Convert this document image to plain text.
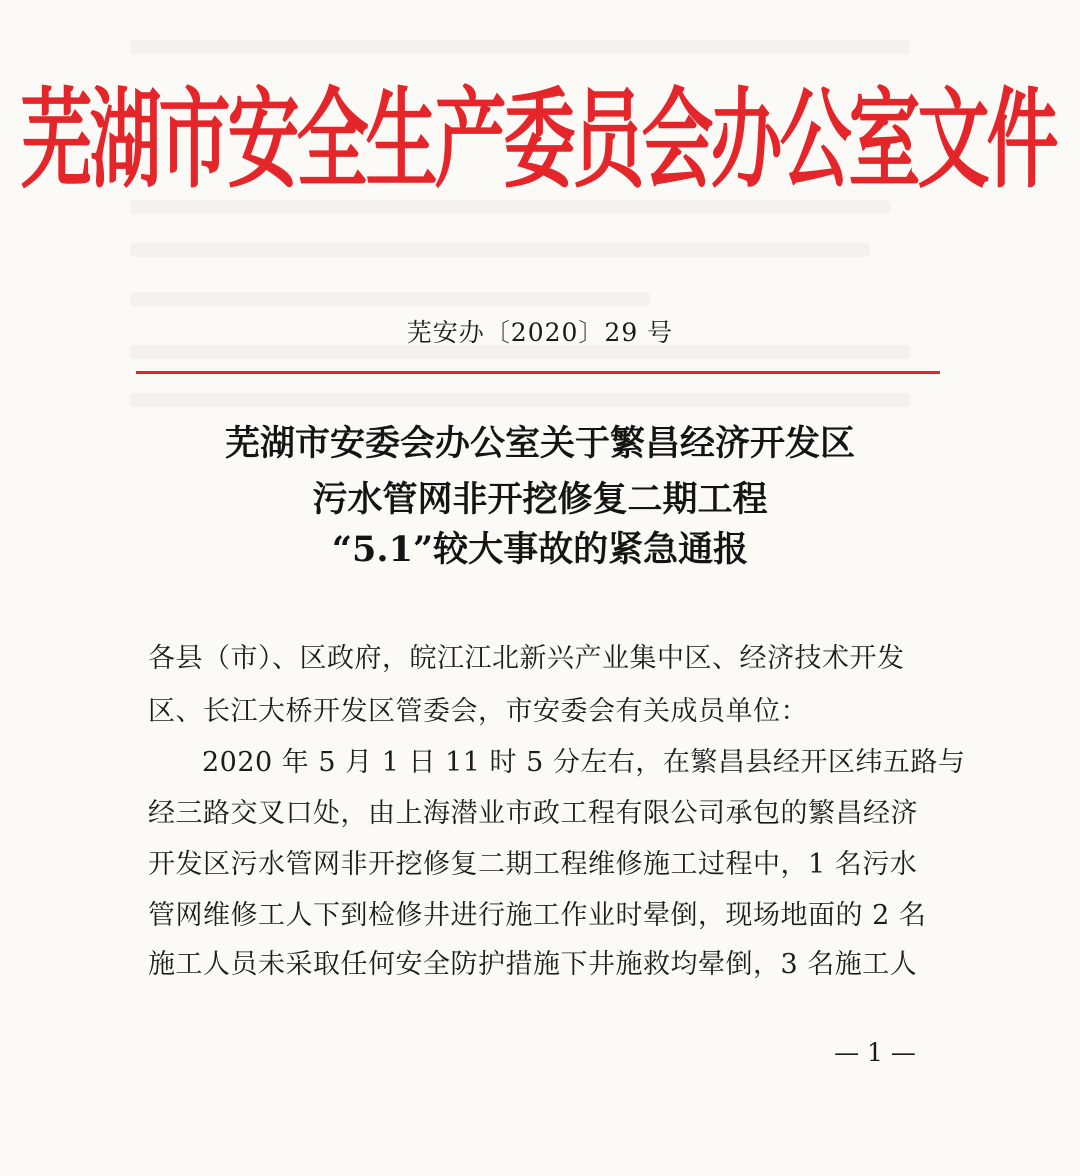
芜湖市安全生产委员会办公室文件
芜安办〔2020〕29 号
芜湖市安委会办公室关于繁昌经济开发区
污水管网非开挖修复二期工程
“5.1”较大事故的紧急通报
各县（市）、区政府，皖江江北新兴产业集中区、经济技术开发
区、长江大桥开发区管委会，市安委会有关成员单位：
2020 年 5 月 1 日 11 时 5 分左右，在繁昌县经开区纬五路与
经三路交叉口处，由上海潜业市政工程有限公司承包的繁昌经济
开发区污水管网非开挖修复二期工程维修施工过程中，1 名污水
管网维修工人下到检修井进行施工作业时晕倒，现场地面的 2 名
施工人员未采取任何安全防护措施下井施救均晕倒，3 名施工人
— 1 —
